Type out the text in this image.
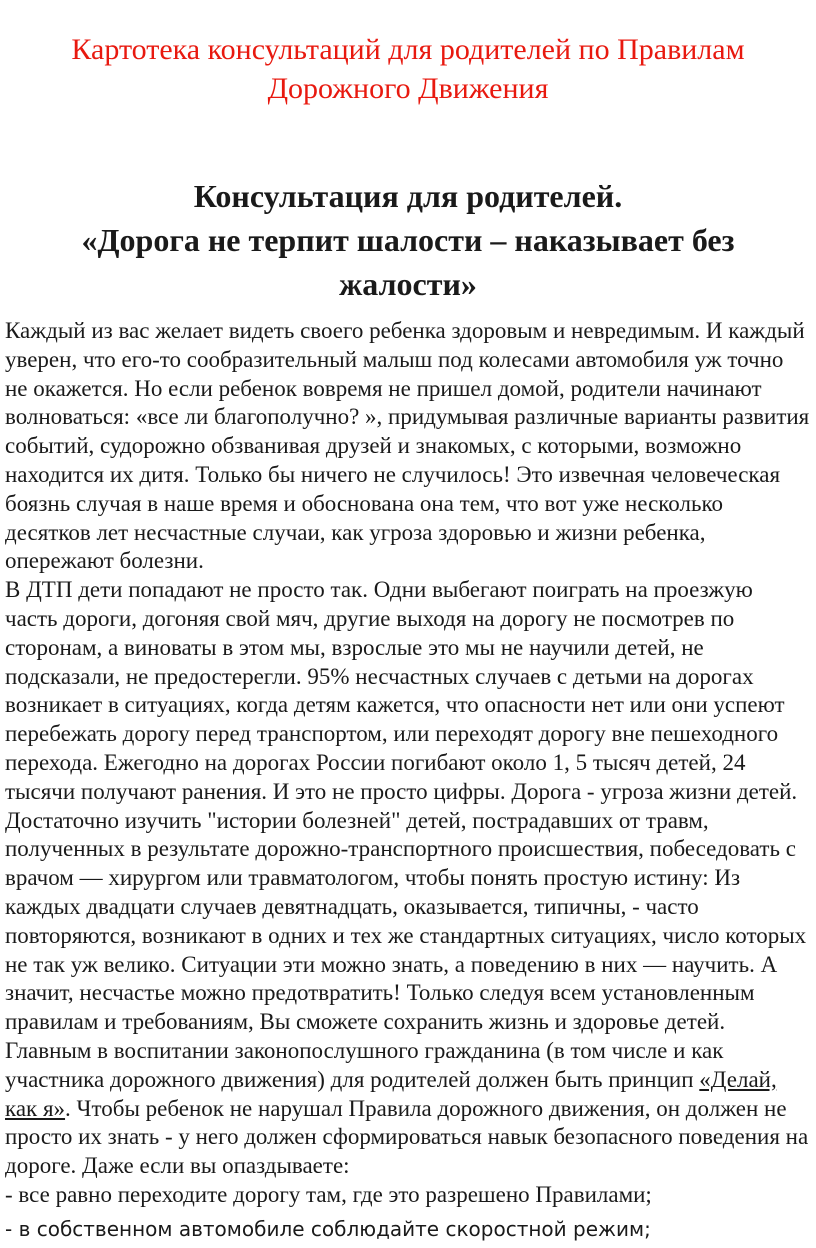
Картотека консультаций для родителей по Правилам
Дорожного Движения
Консультация для родителей.
«Дорога не терпит шалости – наказывает без
жалости»

Каждый из вас желает видеть своего ребенка здоровым и невредимым. И каждый уверен, что его-то сообразительный малыш под колесами автомобиля уж точно не окажется. Но если ребенок вовремя не пришел домой, родители начинают волноваться: «все ли благополучно? », придумывая различные варианты развития событий, судорожно обзванивая друзей и знакомых, с которыми, возможно находится их дитя. Только бы ничего не случилось! Это извечная человеческая боязнь случая в наше время и обоснована она тем, что вот уже несколько десятков лет несчастные случаи, как угроза здоровью и жизни ребенка, опережают болезни.

В ДТП дети попадают не просто так. Одни выбегают поиграть на проезжую часть дороги, догоняя свой мяч, другие выходя на дорогу не посмотрев по сторонам, а виноваты в этом мы, взрослые это мы не научили детей, не подсказали, не предостерегли. 95% несчастных случаев с детьми на дорогах возникает в ситуациях, когда детям кажется, что опасности нет или они успеют перебежать дорогу перед транспортом, или переходят дорогу вне пешеходного перехода. Ежегодно на дорогах России погибают около 1, 5 тысяч детей, 24 тысячи получают ранения. И это не просто цифры. Дорога - угроза жизни детей. Достаточно изучить "истории болезней" детей, пострадавших от травм, полученных в результате дорожно-транспортного происшествия, побеседовать с врачом — хирургом или травматологом, чтобы понять простую истину: Из каждых двадцати случаев девятнадцать, оказывается, типичны, - часто повторяются, возникают в одних и тех же стандартных ситуациях, число которых не так уж велико. Ситуации эти можно знать, а поведению в них — научить. А значит, несчастье можно предотвратить! Только следуя всем установленным правилам и требованиям, Вы сможете сохранить жизнь и здоровье детей.

Главным в воспитании законопослушного гражданина (в том числе и как участника дорожного движения) для родителей должен быть принцип «Делай, как я». Чтобы ребенок не нарушал Правила дорожного движения, он должен не просто их знать - у него должен сформироваться навык безопасного поведения на дороге. Даже если вы опаздываете:

- все равно переходите дорогу там, где это разрешено Правилами;

- в собственном автомобиле соблюдайте скоростной режим;
